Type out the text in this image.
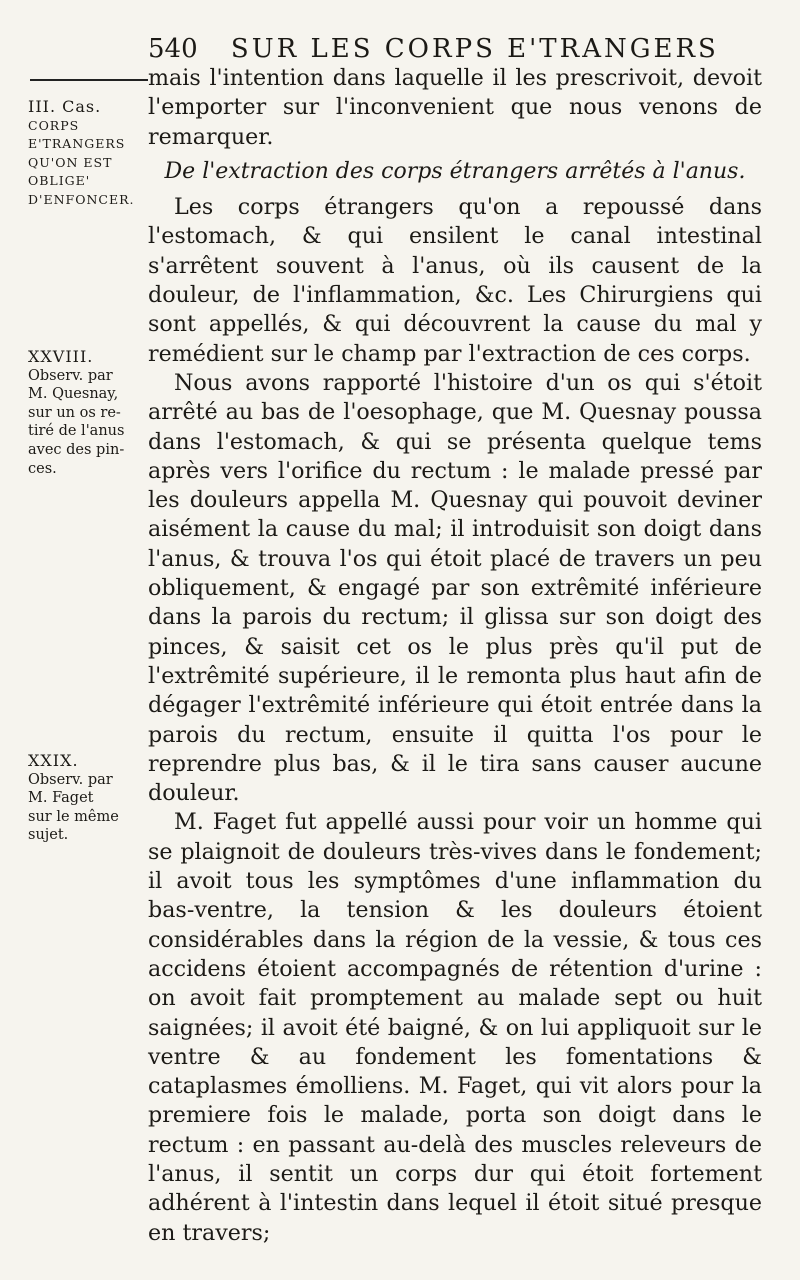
540 SUR LES CORPS E'TRANGERS
III. Cas.
CORPS
E'TRANGERS
QU'ON EST
OBLIGE'
D'ENFONCER.
XXVIII.
Observ. par
M. Quesnay,
sur un os re-
tiré de l'anus
avec des pin-
ces.
XXIX.
Observ. par
M. Faget
sur le même
sujet.

mais l'intention dans laquelle il les prescrivoit, devoit l'emporter sur l'inconvenient que nous venons de remarquer.

De l'extraction des corps étrangers arrêtés à l'anus.

Les corps étrangers qu'on a repoussé dans l'estomach, & qui ensilent le canal intestinal s'arrêtent souvent à l'anus, où ils causent de la douleur, de l'inflammation, &c. Les Chirurgiens qui sont appellés, & qui découvrent la cause du mal y remédient sur le champ par l'extraction de ces corps.

Nous avons rapporté l'histoire d'un os qui s'étoit arrêté au bas de l'oesophage, que M. Quesnay poussa dans l'estomach, & qui se présenta quelque tems après vers l'orifice du rectum : le malade pressé par les douleurs appella M. Quesnay qui pouvoit deviner aisément la cause du mal; il introduisit son doigt dans l'anus, & trouva l'os qui étoit placé de travers un peu obliquement, & engagé par son extrêmité inférieure dans la parois du rectum; il glissa sur son doigt des pinces, & saisit cet os le plus près qu'il put de l'extrêmité supérieure, il le remonta plus haut afin de dégager l'extrêmité inférieure qui étoit entrée dans la parois du rectum, ensuite il quitta l'os pour le reprendre plus bas, & il le tira sans causer aucune douleur.

M. Faget fut appellé aussi pour voir un homme qui se plaignoit de douleurs très-vives dans le fondement; il avoit tous les symptômes d'une inflammation du bas-ventre, la tension & les douleurs étoient considérables dans la région de la vessie, & tous ces accidens étoient accompagnés de rétention d'urine : on avoit fait promptement au malade sept ou huit saignées; il avoit été baigné, & on lui appliquoit sur le ventre & au fondement les fomentations & cataplasmes émolliens. M. Faget, qui vit alors pour la premiere fois le malade, porta son doigt dans le rectum : en passant au-delà des muscles releveurs de l'anus, il sentit un corps dur qui étoit fortement adhérent à l'intestin dans lequel il étoit situé presque en travers;
